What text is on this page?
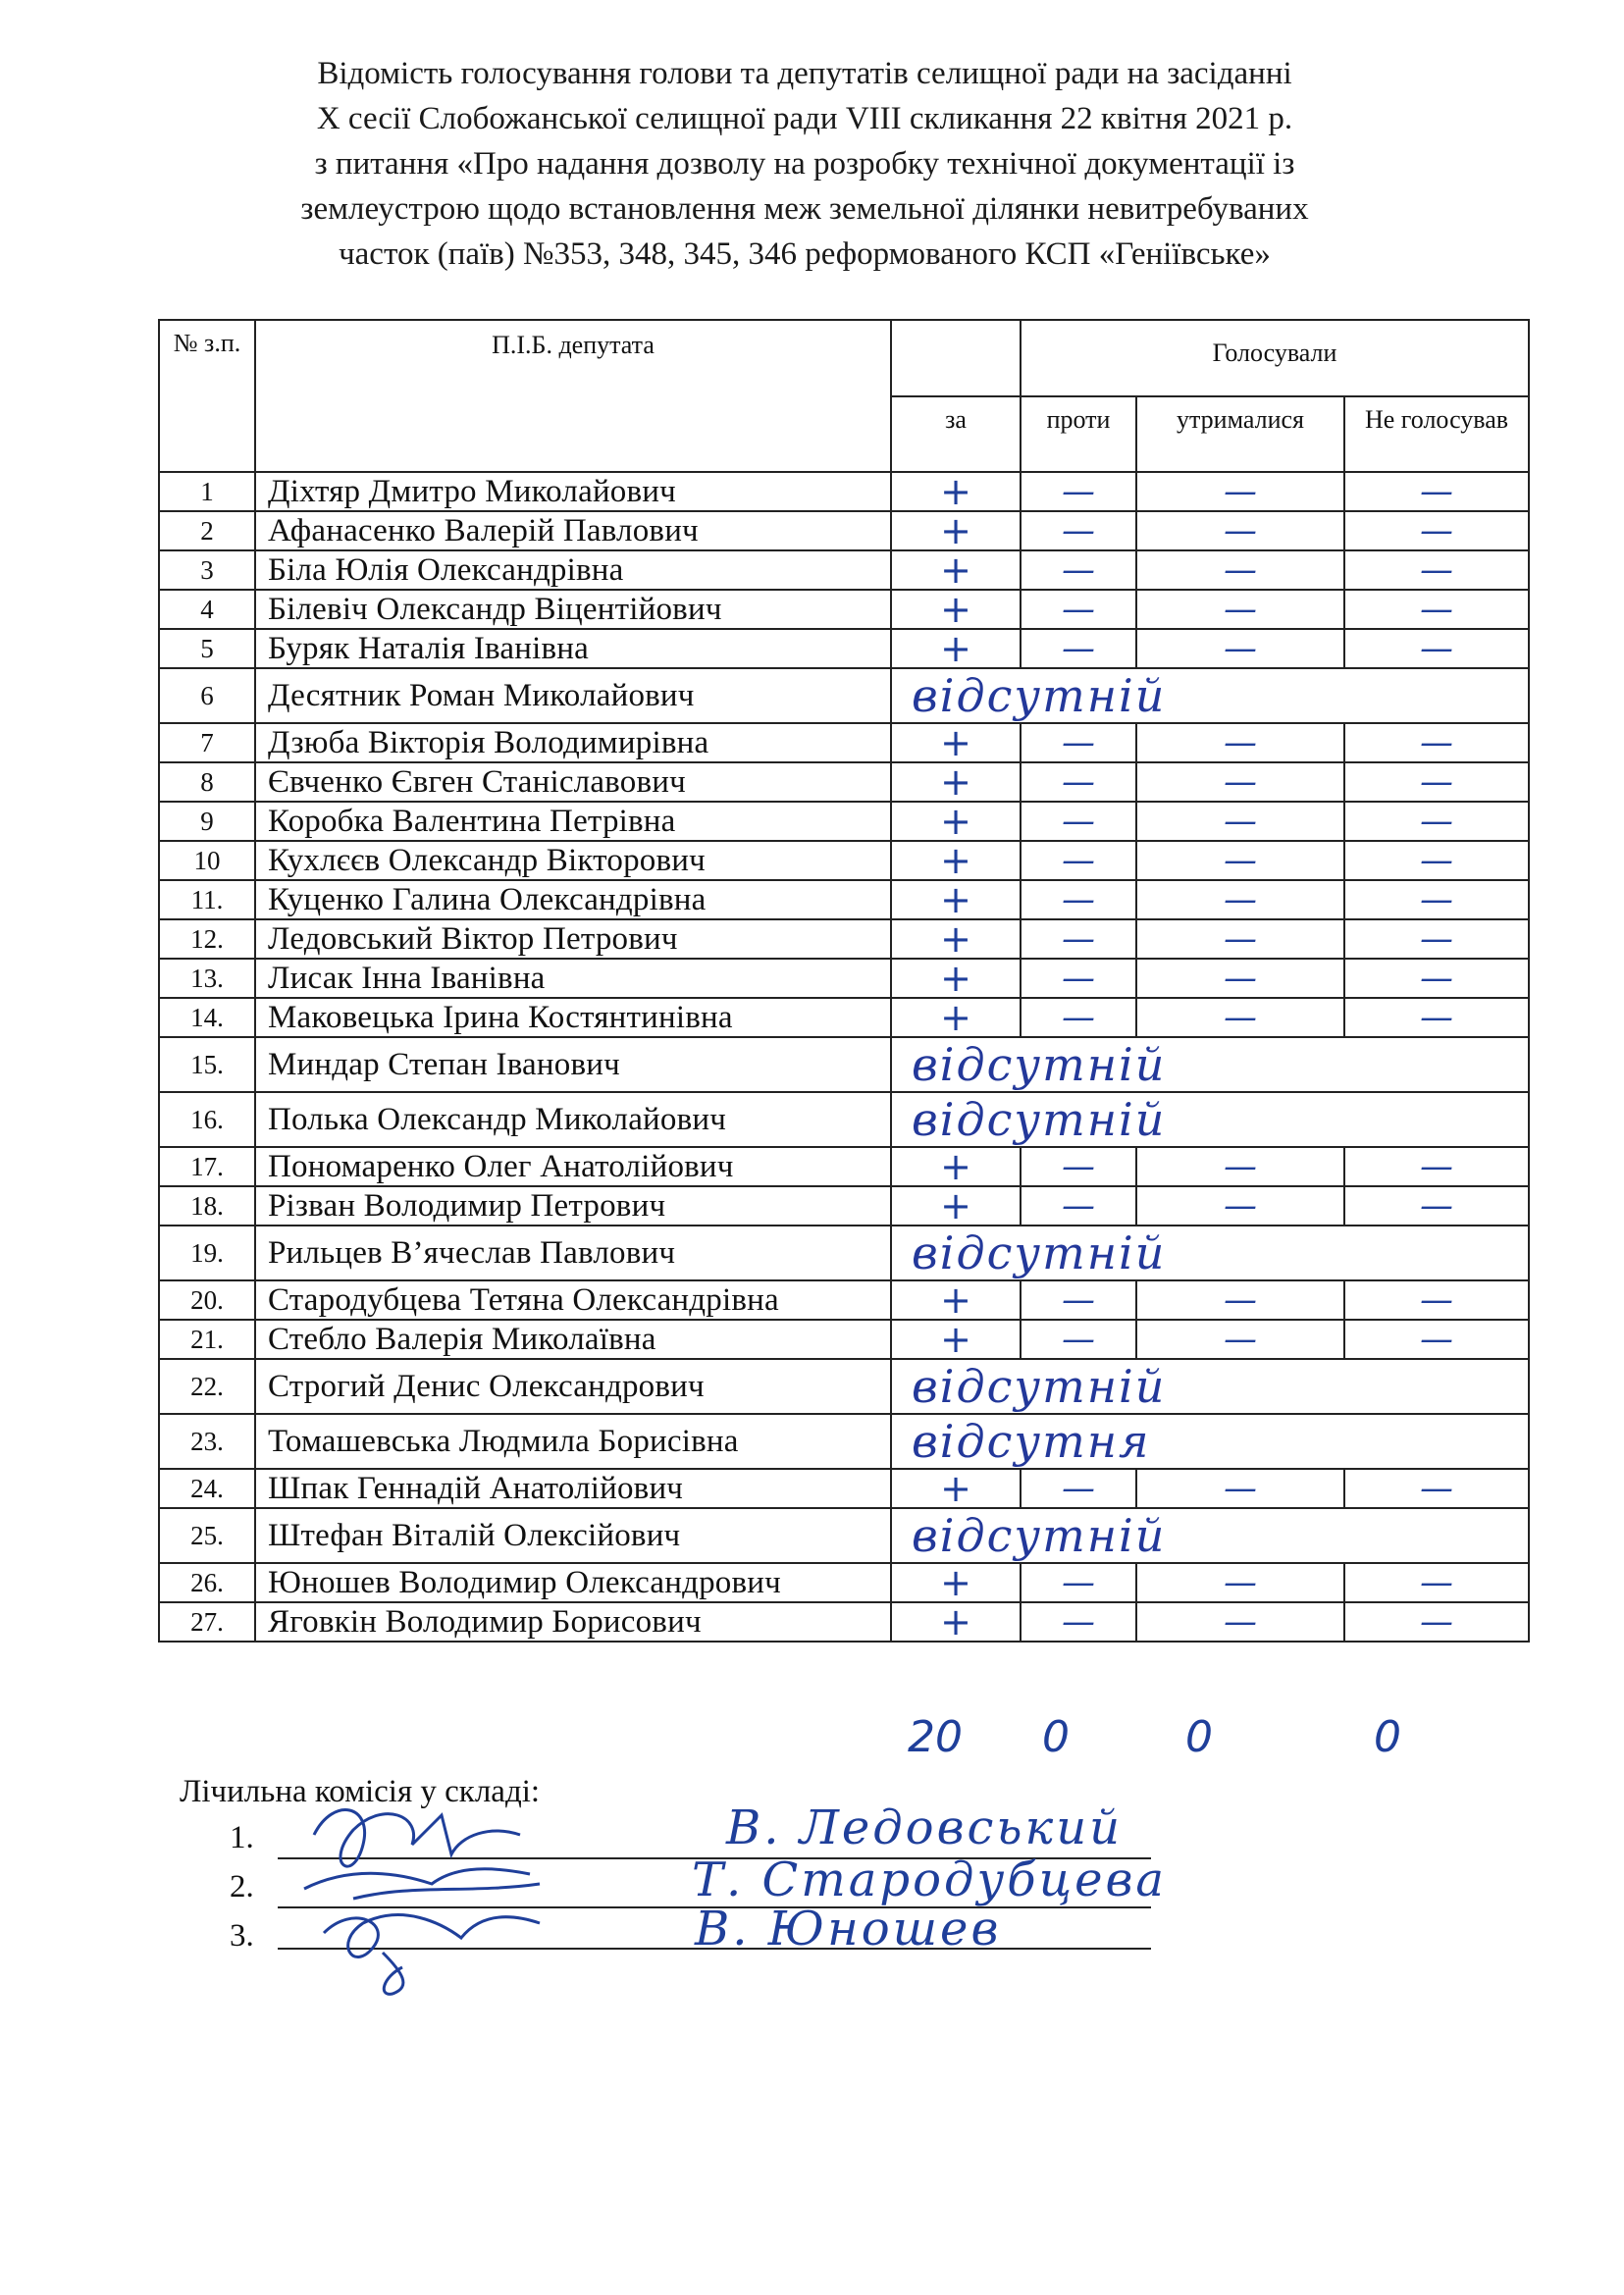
Відомість голосування голови та депутатів селищної ради на засіданні
X сесії Слобожанської селищної ради VIII скликання 22 квітня 2021 р.
з питання «Про надання дозволу на розробку технічної документації із
землеустрою щодо встановлення меж земельної ділянки невитребуваних
часток (паїв) №353, 348, 345, 346 реформованого КСП «Геніївське»
№ з.п.	П.І.Б. депутата		Голосували		
		за	проти	утрималися	Не голосував
1	Діхтяр Дмитро Миколайович	+	—	—	—
2	Афанасенко Валерій Павлович	+	—	—	—
3	Біла Юлія Олександрівна	+	—	—	—
4	Білевіч Олександр Віцентійович	+	—	—	—
5	Буряк Наталія Іванівна	+	—	—	—
6	Десятник Роман Миколайович	відсутній			
7	Дзюба Вікторія Володимирівна	+	—	—	—
8	Євченко Євген Станіславович	+	—	—	—
9	Коробка Валентина Петрівна	+	—	—	—
10	Кухлєєв Олександр Вікторович	+	—	—	—
11.	Куценко Галина Олександрівна	+	—	—	—
12.	Ледовський Віктор Петрович	+	—	—	—
13.	Лисак Інна Іванівна	+	—	—	—
14.	Маковецька Ірина Костянтинівна	+	—	—	—
15.	Миндар Степан Іванович	відсутній			
16.	Полька Олександр Миколайович	відсутній			
17.	Пономаренко Олег Анатолійович	+	—	—	—
18.	Різван Володимир Петрович	+	—	—	—
19.	Рильцев В’ячеслав Павлович	відсутній			
20.	Стародубцева Тетяна Олександрівна	+	—	—	—
21.	Стебло Валерія Миколаївна	+	—	—	—
22.	Строгий Денис Олександрович	відсутній			
23.	Томашевська Людмила Борисівна	відсутня			
24.	Шпак Геннадій Анатолійович	+	—	—	—
25.	Штефан Віталій Олексійович	відсутній			
26.	Юношев Володимир Олександрович	+	—	—	—
27.	Яговкін Володимир Борисович	+	—	—	—
20 0	0	0
Лічильна комісія у складі:
1.	В. Ледовський
2.	Т. Стародубцева
3.	В. Юношев
